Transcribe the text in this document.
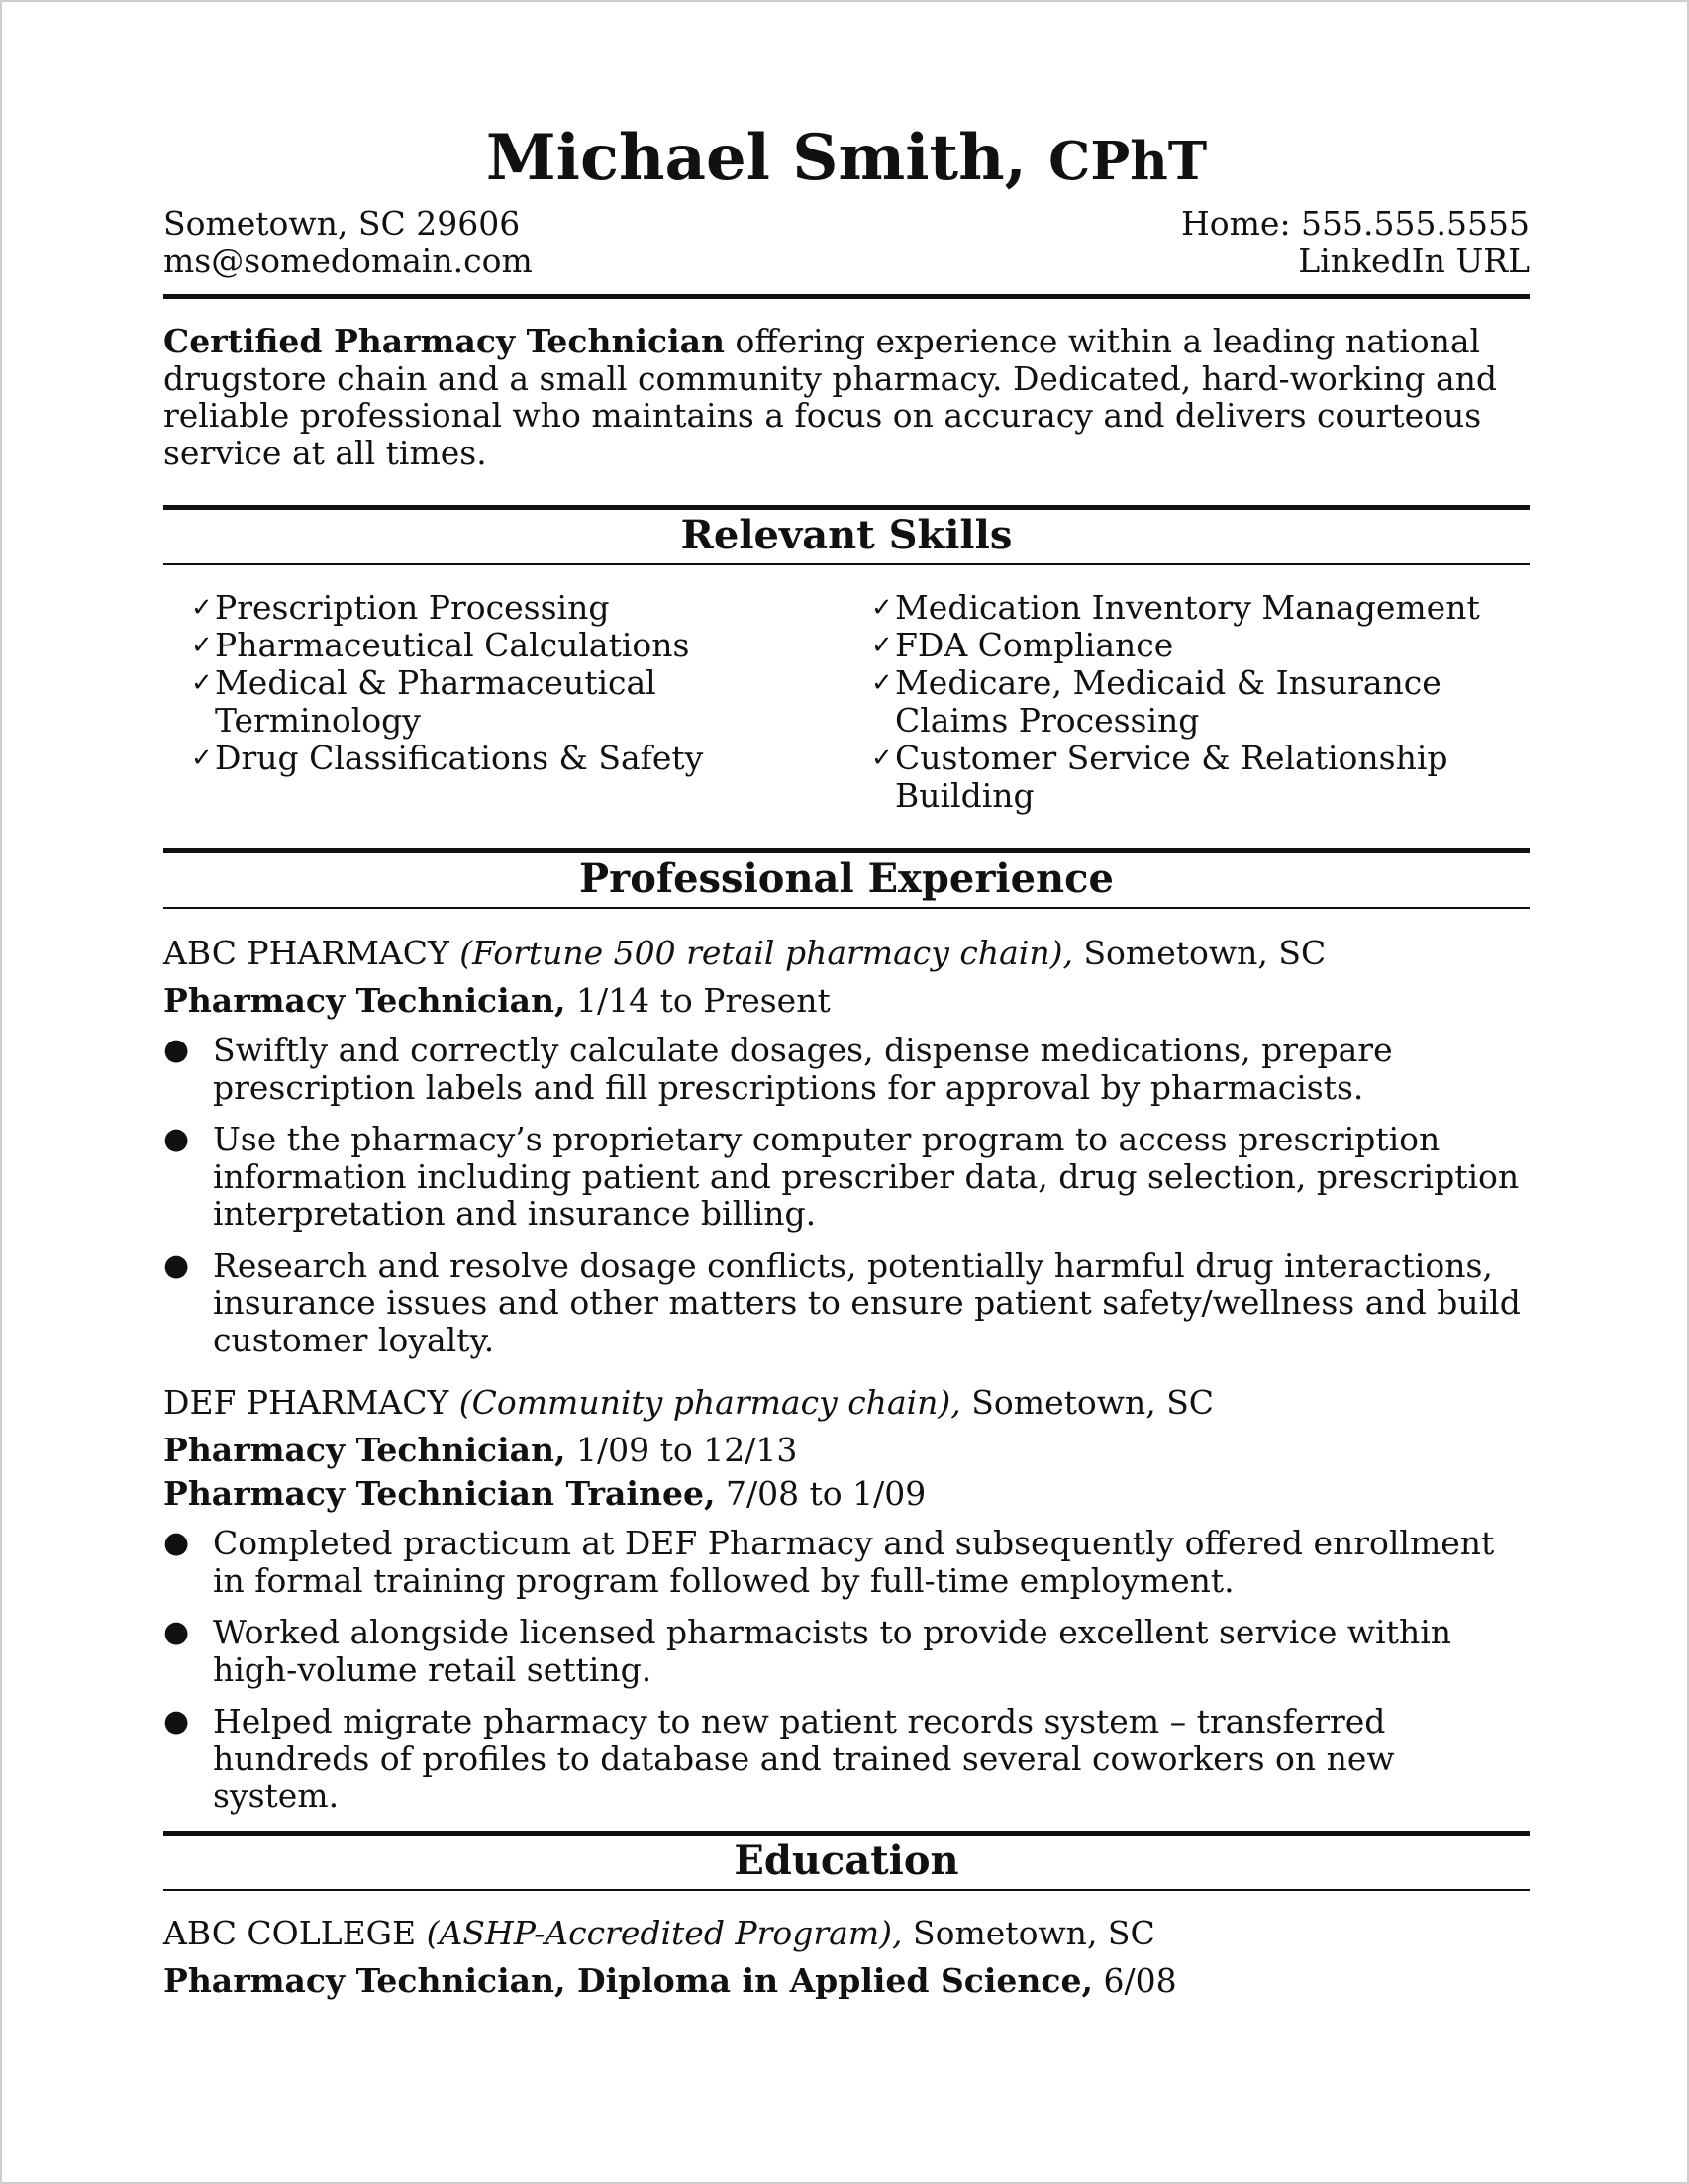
Michael Smith, CPhT
Sometown, SC 29606
ms@somedomain.com
Home: 555.555.5555
LinkedIn URL

Certified Pharmacy Technician offering experience within a leading national drugstore chain and a small community pharmacy. Dedicated, hard-working and reliable professional who maintains a focus on accuracy and delivers courteous service at all times.

Relevant Skills
✓ Prescription Processing
✓ Pharmaceutical Calculations
✓ Medical & Pharmaceutical Terminology
✓ Drug Classifications & Safety
✓ Medication Inventory Management
✓ FDA Compliance
✓ Medicare, Medicaid & Insurance Claims Processing
✓ Customer Service & Relationship Building
Professional Experience
ABC PHARMACY (Fortune 500 retail pharmacy chain), Sometown, SC
Pharmacy Technician, 1/14 to Present
● Swiftly and correctly calculate dosages, dispense medications, prepare prescription labels and fill prescriptions for approval by pharmacists.
● Use the pharmacy’s proprietary computer program to access prescription information including patient and prescriber data, drug selection, prescription interpretation and insurance billing.
● Research and resolve dosage conflicts, potentially harmful drug interactions, insurance issues and other matters to ensure patient safety/wellness and build customer loyalty.
DEF PHARMACY (Community pharmacy chain), Sometown, SC
Pharmacy Technician, 1/09 to 12/13
Pharmacy Technician Trainee, 7/08 to 1/09
● Completed practicum at DEF Pharmacy and subsequently offered enrollment in formal training program followed by full-time employment.
● Worked alongside licensed pharmacists to provide excellent service within high-volume retail setting.
● Helped migrate pharmacy to new patient records system – transferred hundreds of profiles to database and trained several coworkers on new system.
Education
ABC COLLEGE (ASHP-Accredited Program), Sometown, SC
Pharmacy Technician, Diploma in Applied Science, 6/08
